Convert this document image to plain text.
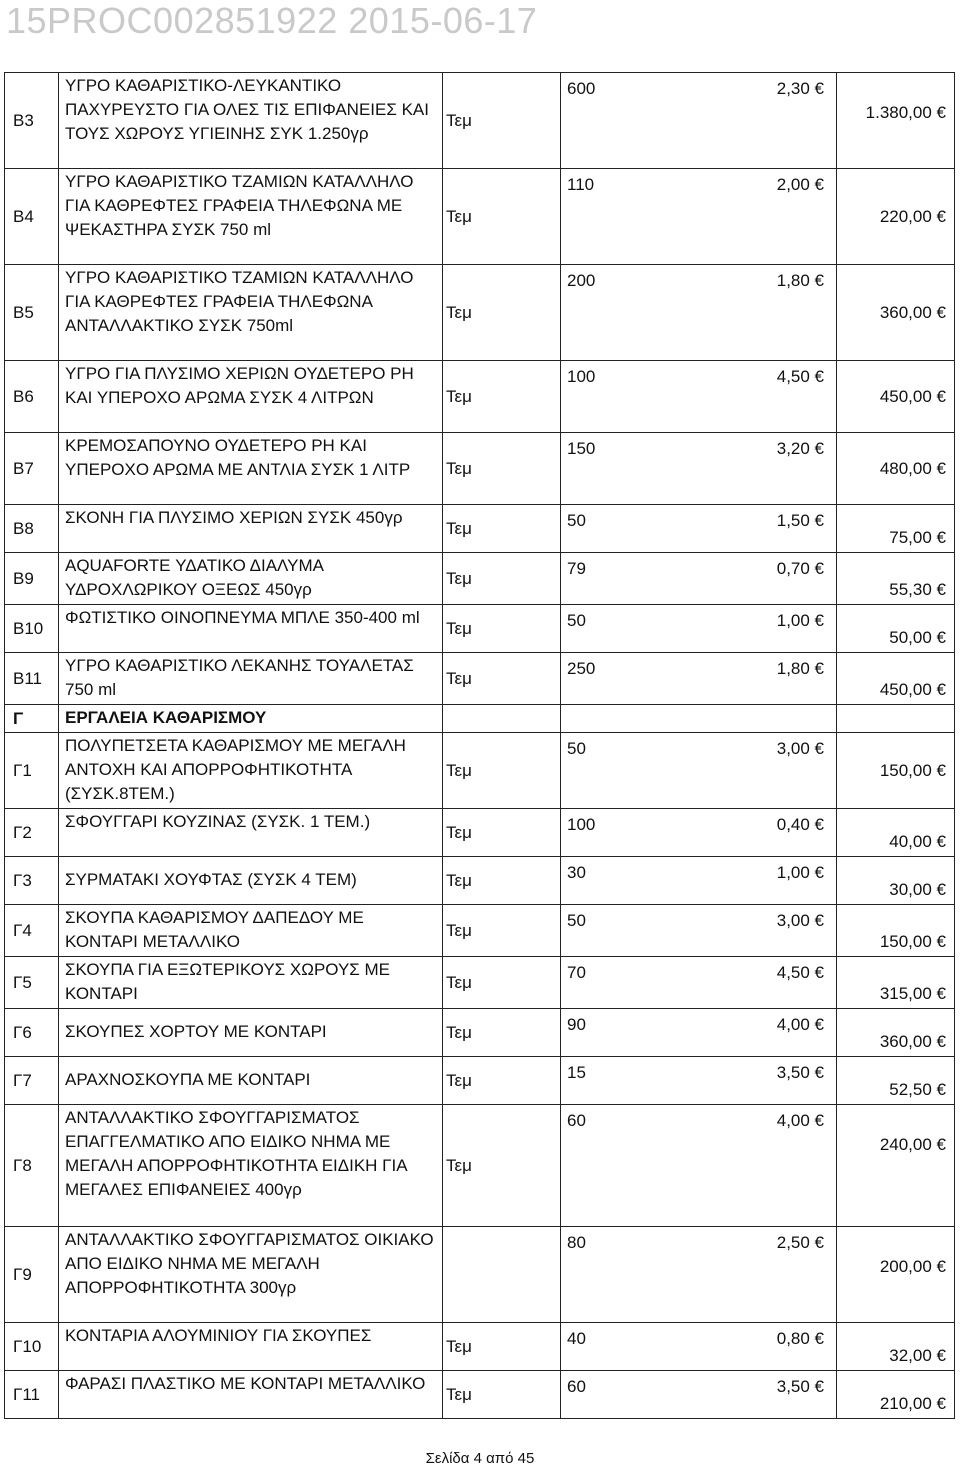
15PROC002851922 2015-06-17
Β3	ΥΓΡΟ ΚΑΘΑΡΙΣΤΙΚΟ-ΛΕΥΚΑΝΤΙΚΟ ΠΑΧΥΡΕΥΣΤΟ ΓΙΑ ΟΛΕΣ ΤΙΣ ΕΠΙΦΑΝΕΙΕΣ ΚΑΙ ΤΟΥΣ ΧΩΡΟΥΣ ΥΓΙΕΙΝΗΣ ΣΥΚ 1.250γρ	Τεμ	600 2,30 €	1.380,00 €

Β4	ΥΓΡΟ ΚΑΘΑΡΙΣΤΙΚΟ ΤΖΑΜΙΩΝ ΚΑΤΑΛΛΗΛΟ ΓΙΑ ΚΑΘΡΕΦΤΕΣ ΓΡΑΦΕΙΑ ΤΗΛΕΦΩΝΑ ΜΕ ΨΕΚΑΣΤΗΡΑ ΣΥΣΚ 750 ml	Τεμ	110 2,00 €	220,00 €

Β5	ΥΓΡΟ ΚΑΘΑΡΙΣΤΙΚΟ ΤΖΑΜΙΩΝ ΚΑΤΑΛΛΗΛΟ ΓΙΑ ΚΑΘΡΕΦΤΕΣ ΓΡΑΦΕΙΑ ΤΗΛΕΦΩΝΑ ΑΝΤΑΛΛΑΚΤΙΚΟ ΣΥΣΚ 750ml	Τεμ	200 1,80 €	360,00 €

Β6	ΥΓΡΟ ΓΙΑ ΠΛΥΣΙΜΟ ΧΕΡΙΩΝ ΟΥΔΕΤΕΡΟ PH ΚΑΙ ΥΠΕΡΟΧΟ ΑΡΩΜΑ ΣΥΣΚ 4 ΛΙΤΡΩΝ	Τεμ	100 4,50 €	450,00 €

Β7	ΚΡΕΜΟΣΑΠΟΥΝΟ ΟΥΔΕΤΕΡΟ PH ΚΑΙ ΥΠΕΡΟΧΟ ΑΡΩΜΑ ΜΕ ΑΝΤΛΙΑ ΣΥΣΚ 1 ΛΙΤΡ	Τεμ	150 3,20 €	480,00 €

Β8	ΣΚΟΝΗ ΓΙΑ ΠΛΥΣΙΜΟ ΧΕΡΙΩΝ ΣΥΣΚ 450γρ	Τεμ	50 1,50 €	75,00 €

Β9	AQUAFORTE ΥΔΑΤΙΚΟ ΔΙΑΛΥΜΑ ΥΔΡΟΧΛΩΡΙΚΟΥ ΟΞΕΩΣ 450γρ	Τεμ	79 0,70 €	55,30 €

Β10	ΦΩΤΙΣΤΙΚΟ ΟΙΝΟΠΝΕΥΜΑ ΜΠΛΕ 350-400 ml	Τεμ	50 1,00 €	50,00 €

Β11	ΥΓΡΟ ΚΑΘΑΡΙΣΤΙΚΟ ΛΕΚΑΝΗΣ ΤΟΥΑΛΕΤΑΣ 750 ml	Τεμ	250 1,80 €	450,00 €

Γ	ΕΡΓΑΛΕΙΑ ΚΑΘΑΡΙΣΜΟΥ		

Γ1	ΠΟΛΥΠΕΤΣΕΤΑ ΚΑΘΑΡΙΣΜΟΥ ΜΕ ΜΕΓΑΛΗ ΑΝΤΟΧΗ ΚΑΙ ΑΠΟΡΡΟΦΗΤΙΚΟΤΗΤΑ (ΣΥΣΚ.8ΤΕΜ.)	Τεμ	50 3,00 €	150,00 €

Γ2	ΣΦΟΥΓΓΑΡΙ ΚΟΥΖΙΝΑΣ (ΣΥΣΚ. 1 ΤΕΜ.)	Τεμ	100 0,40 €	40,00 €

Γ3	ΣΥΡΜΑΤΑΚΙ ΧΟΥΦΤΑΣ (ΣΥΣΚ 4 ΤΕΜ)	Τεμ	30 1,00 €	30,00 €

Γ4	ΣΚΟΥΠΑ ΚΑΘΑΡΙΣΜΟΥ ΔΑΠΕΔΟΥ ΜΕ ΚΟΝΤΑΡΙ ΜΕΤΑΛΛΙΚΟ	Τεμ	50 3,00 €	150,00 €

Γ5	ΣΚΟΥΠΑ ΓΙΑ ΕΞΩΤΕΡΙΚΟΥΣ ΧΩΡΟΥΣ ΜΕ ΚΟΝΤΑΡΙ	Τεμ	70 4,50 €	315,00 €

Γ6	ΣΚΟΥΠΕΣ ΧΟΡΤΟΥ ΜΕ ΚΟΝΤΑΡΙ	Τεμ	90 4,00 €	360,00 €

Γ7	ΑΡΑΧΝΟΣΚΟΥΠΑ ΜΕ ΚΟΝΤΑΡΙ	Τεμ	15 3,50 €	52,50 €

Γ8	ΑΝΤΑΛΛΑΚΤΙΚΟ ΣΦΟΥΓΓΑΡΙΣΜΑΤΟΣ ΕΠΑΓΓΕΛΜΑΤΙΚΟ ΑΠΟ ΕΙΔΙΚΟ ΝΗΜΑ ΜΕ ΜΕΓΑΛΗ ΑΠΟΡΡΟΦΗΤΙΚΟΤΗΤΑ ΕΙΔΙΚΗ ΓΙΑ ΜΕΓΑΛΕΣ ΕΠΙΦΑΝΕΙΕΣ 400γρ	Τεμ	60 4,00 €	240,00 €

Γ9	ΑΝΤΑΛΛΑΚΤΙΚΟ ΣΦΟΥΓΓΑΡΙΣΜΑΤΟΣ ΟΙΚΙΑΚΟ ΑΠΟ ΕΙΔΙΚΟ ΝΗΜΑ ΜΕ ΜΕΓΑΛΗ ΑΠΟΡΡΟΦΗΤΙΚΟΤΗΤΑ 300γρ		80 2,50 €	200,00 €

Γ10	ΚΟΝΤΑΡΙΑ ΑΛΟΥΜΙΝΙΟΥ ΓΙΑ ΣΚΟΥΠΕΣ	Τεμ	40 0,80 €	32,00 €

Γ11	ΦΑΡΑΣΙ ΠΛΑΣΤΙΚΟ ΜΕ ΚΟΝΤΑΡΙ ΜΕΤΑΛΛΙΚΟ	Τεμ	60 3,50 €	210,00 €
Σελίδα 4 από 45
